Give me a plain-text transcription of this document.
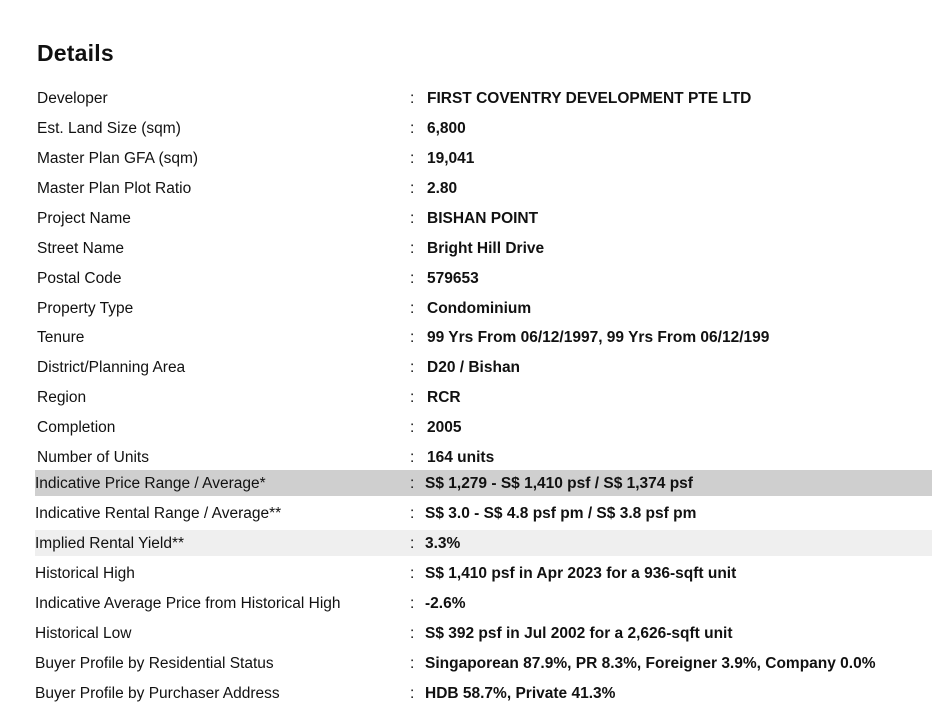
Details
Developer	: FIRST COVENTRY DEVELOPMENT PTE LTD
Est. Land Size (sqm)	: 6,800
Master Plan GFA (sqm)	: 19,041
Master Plan Plot Ratio	: 2.80
Project Name	: BISHAN POINT
Street Name	: Bright Hill Drive
Postal Code	: 579653
Property Type	: Condominium
Tenure	: 99 Yrs From 06/12/1997, 99 Yrs From 06/12/199
District/Planning Area	: D20 / Bishan
Region	: RCR
Completion	: 2005
Number of Units	: 164 units
Indicative Price Range / Average*	: S$ 1,279 - S$ 1,410 psf / S$ 1,374 psf
Indicative Rental Range / Average**	: S$ 3.0 - S$ 4.8 psf pm / S$ 3.8 psf pm
Implied Rental Yield**	: 3.3%
Historical High	: S$ 1,410 psf in Apr 2023 for a 936-sqft unit
Indicative Average Price from Historical High	: -2.6%
Historical Low	: S$ 392 psf in Jul 2002 for a 2,626-sqft unit
Buyer Profile by Residential Status	: Singaporean 87.9%, PR 8.3%, Foreigner 3.9%, Company 0.0%
Buyer Profile by Purchaser Address	: HDB 58.7%, Private 41.3%
